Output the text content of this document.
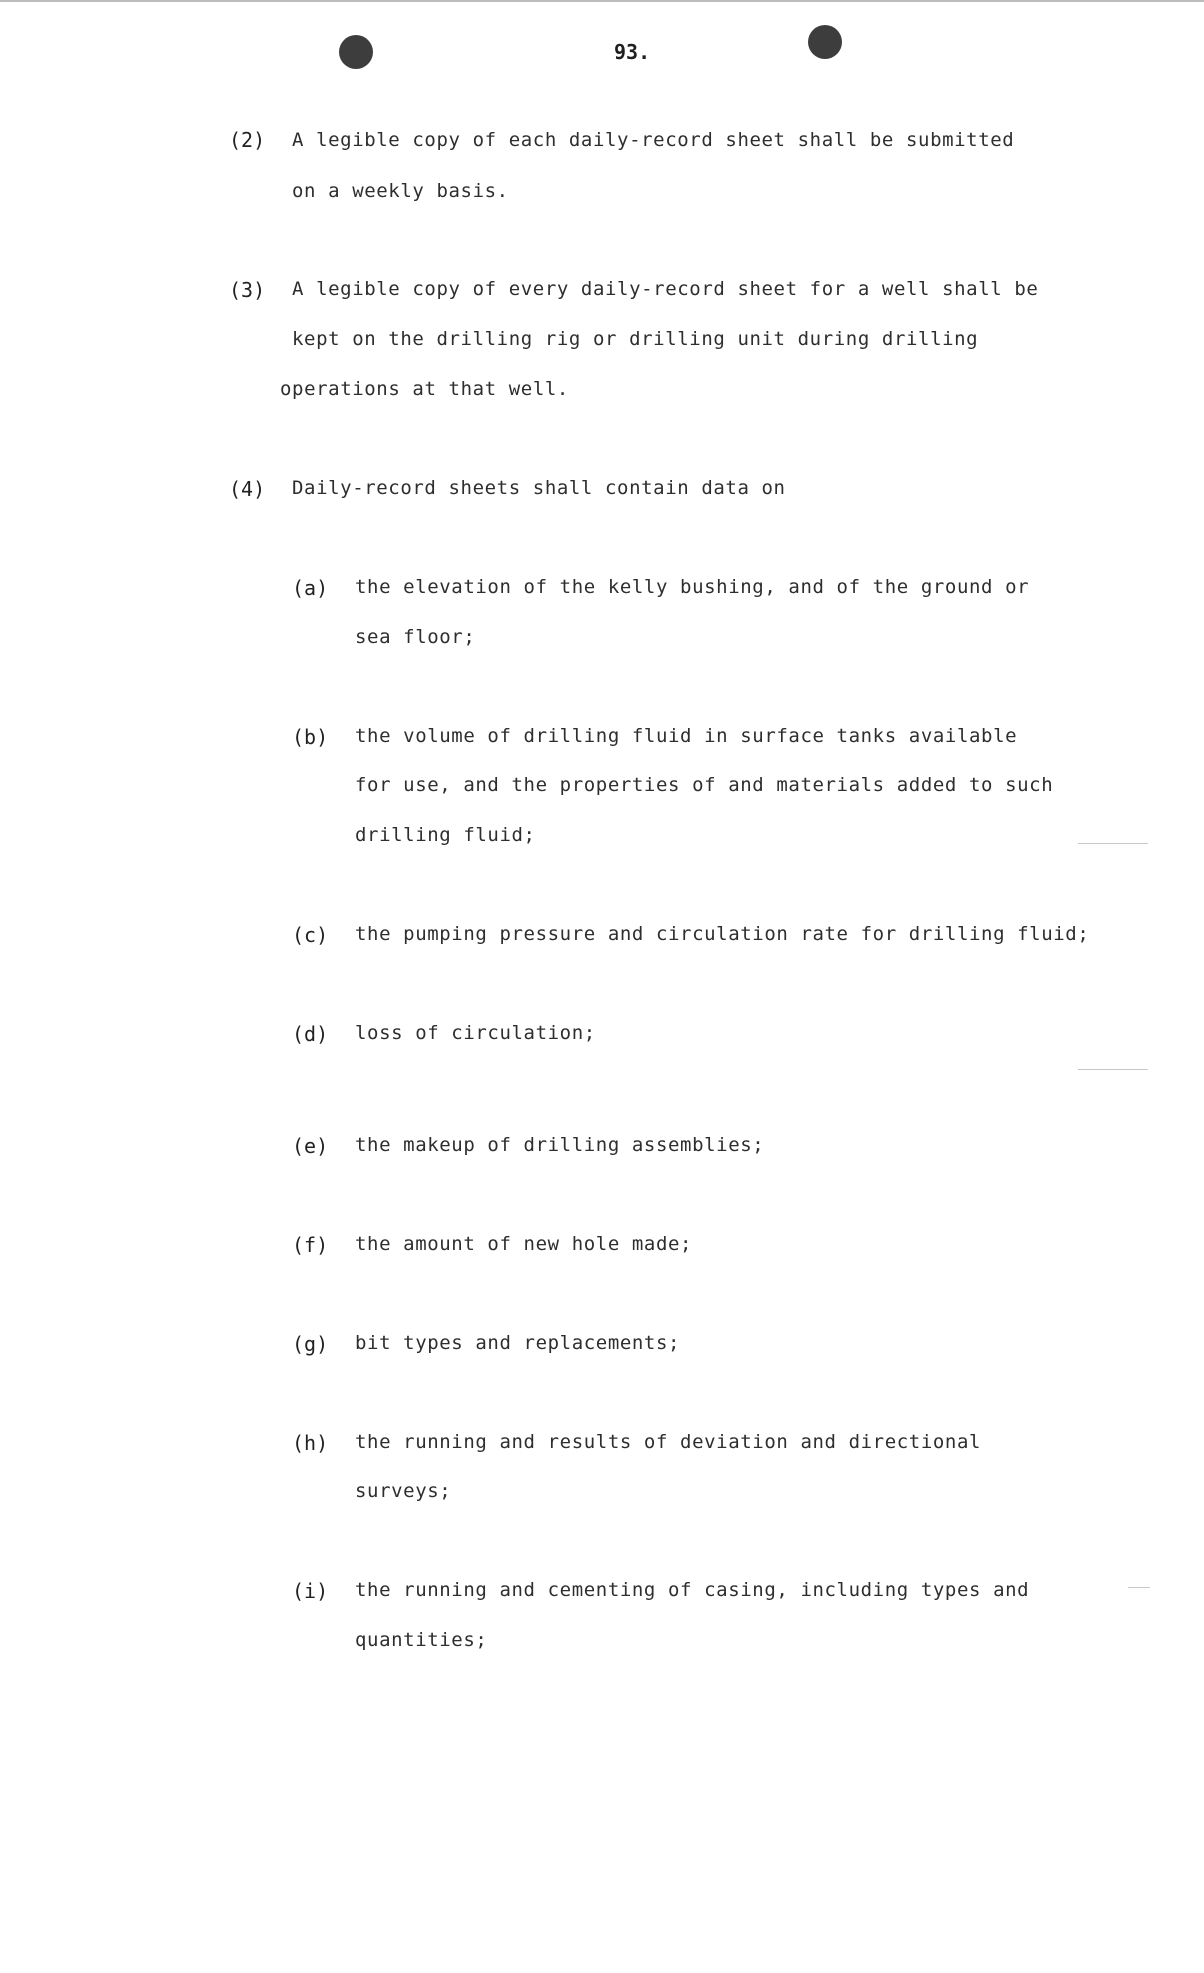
93.
(2) A legible copy of each daily-record sheet shall be submitted
on a weekly basis.
(3) A legible copy of every daily-record sheet for a well shall be
kept on the drilling rig or drilling unit during drilling
operations at that well.
(4) Daily-record sheets shall contain data on
(a) the elevation of the kelly bushing, and of the ground or
sea floor;
(b) the volume of drilling fluid in surface tanks available
for use, and the properties of and materials added to such
drilling fluid;
(c) the pumping pressure and circulation rate for drilling fluid;
(d) loss of circulation;
(e) the makeup of drilling assemblies;
(f) the amount of new hole made;
(g) bit types and replacements;
(h) the running and results of deviation and directional
surveys;
(i) the running and cementing of casing, including types and
quantities;
